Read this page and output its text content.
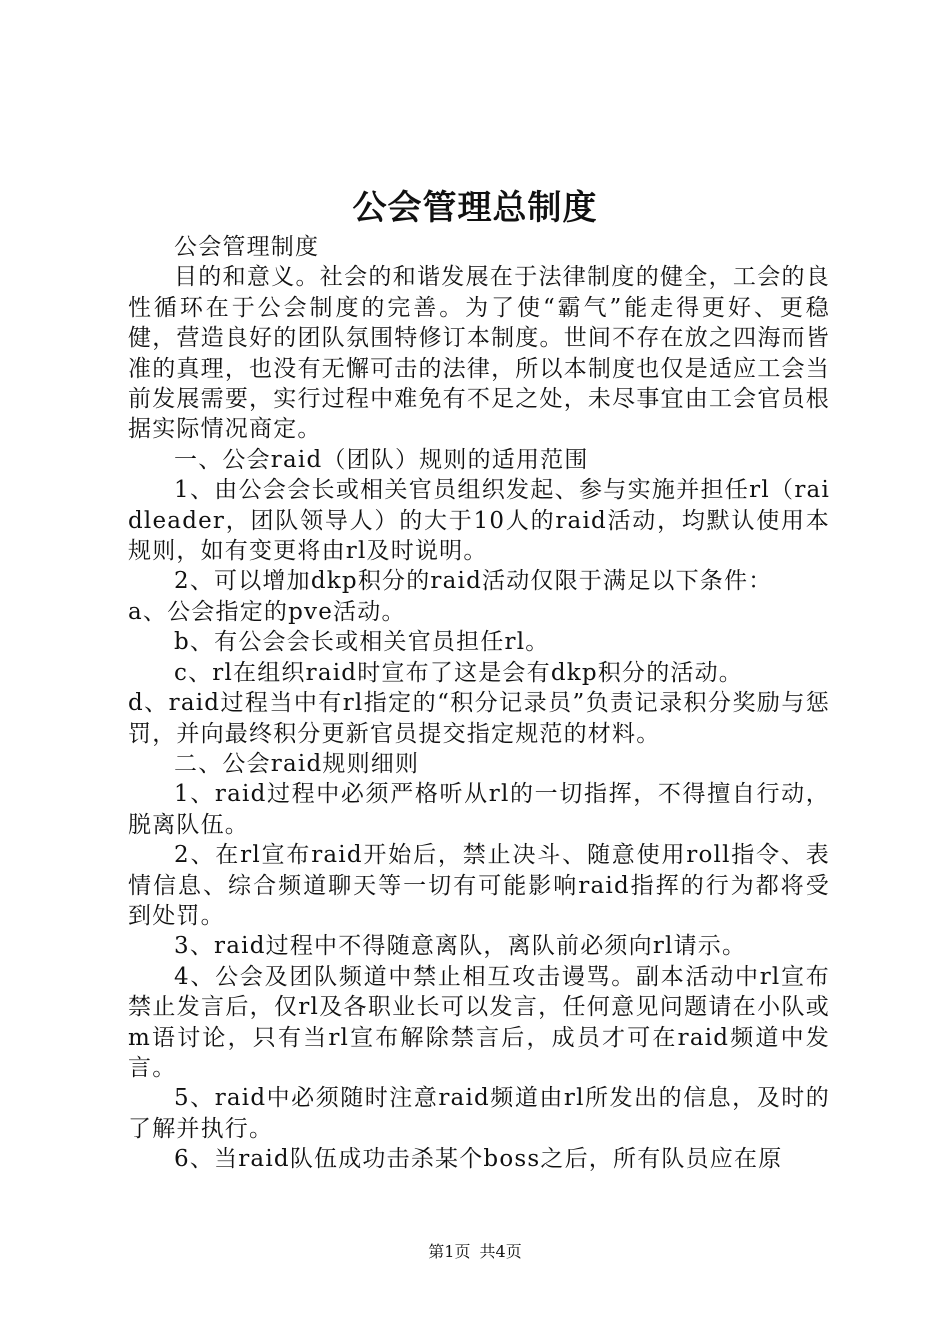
公会管理总制度

公会管理制度

目的和意义。社会的和谐发展在于法律制度的健全，工会的良性循环在于公会制度的完善。为了使“霸气”能走得更好、更稳健，营造良好的团队氛围特修订本制度。世间不存在放之四海而皆准的真理，也没有无懈可击的法律，所以本制度也仅是适应工会当前发展需要，实行过程中难免有不足之处，未尽事宜由工会官员根据实际情况商定。

一、公会raid（团队）规则的适用范围

1、由公会会长或相关官员组织发起、参与实施并担任rl（raidleader，团队领导人）的大于10人的raid活动，均默认使用本规则，如有变更将由rl及时说明。

2、可以增加dkp积分的raid活动仅限于满足以下条件：

a、公会指定的pve活动。

b、有公会会长或相关官员担任rl。

c、rl在组织raid时宣布了这是会有dkp积分的活动。

d、raid过程当中有rl指定的“积分记录员”负责记录积分奖励与惩罚，并向最终积分更新官员提交指定规范的材料。

二、公会raid规则细则

1、raid过程中必须严格听从rl的一切指挥，不得擅自行动，脱离队伍。

2、在rl宣布raid开始后，禁止决斗、随意使用roll指令、表情信息、综合频道聊天等一切有可能影响raid指挥的行为都将受到处罚。

3、raid过程中不得随意离队，离队前必须向rl请示。

4、公会及团队频道中禁止相互攻击谩骂。副本活动中rl宣布禁止发言后，仅rl及各职业长可以发言，任何意见问题请在小队或m语讨论，只有当rl宣布解除禁言后，成员才可在raid频道中发言。

5、raid中必须随时注意raid频道由rl所发出的信息，及时的了解并执行。

6、当raid队伍成功击杀某个boss之后，所有队员应在原

第1页 共4页
